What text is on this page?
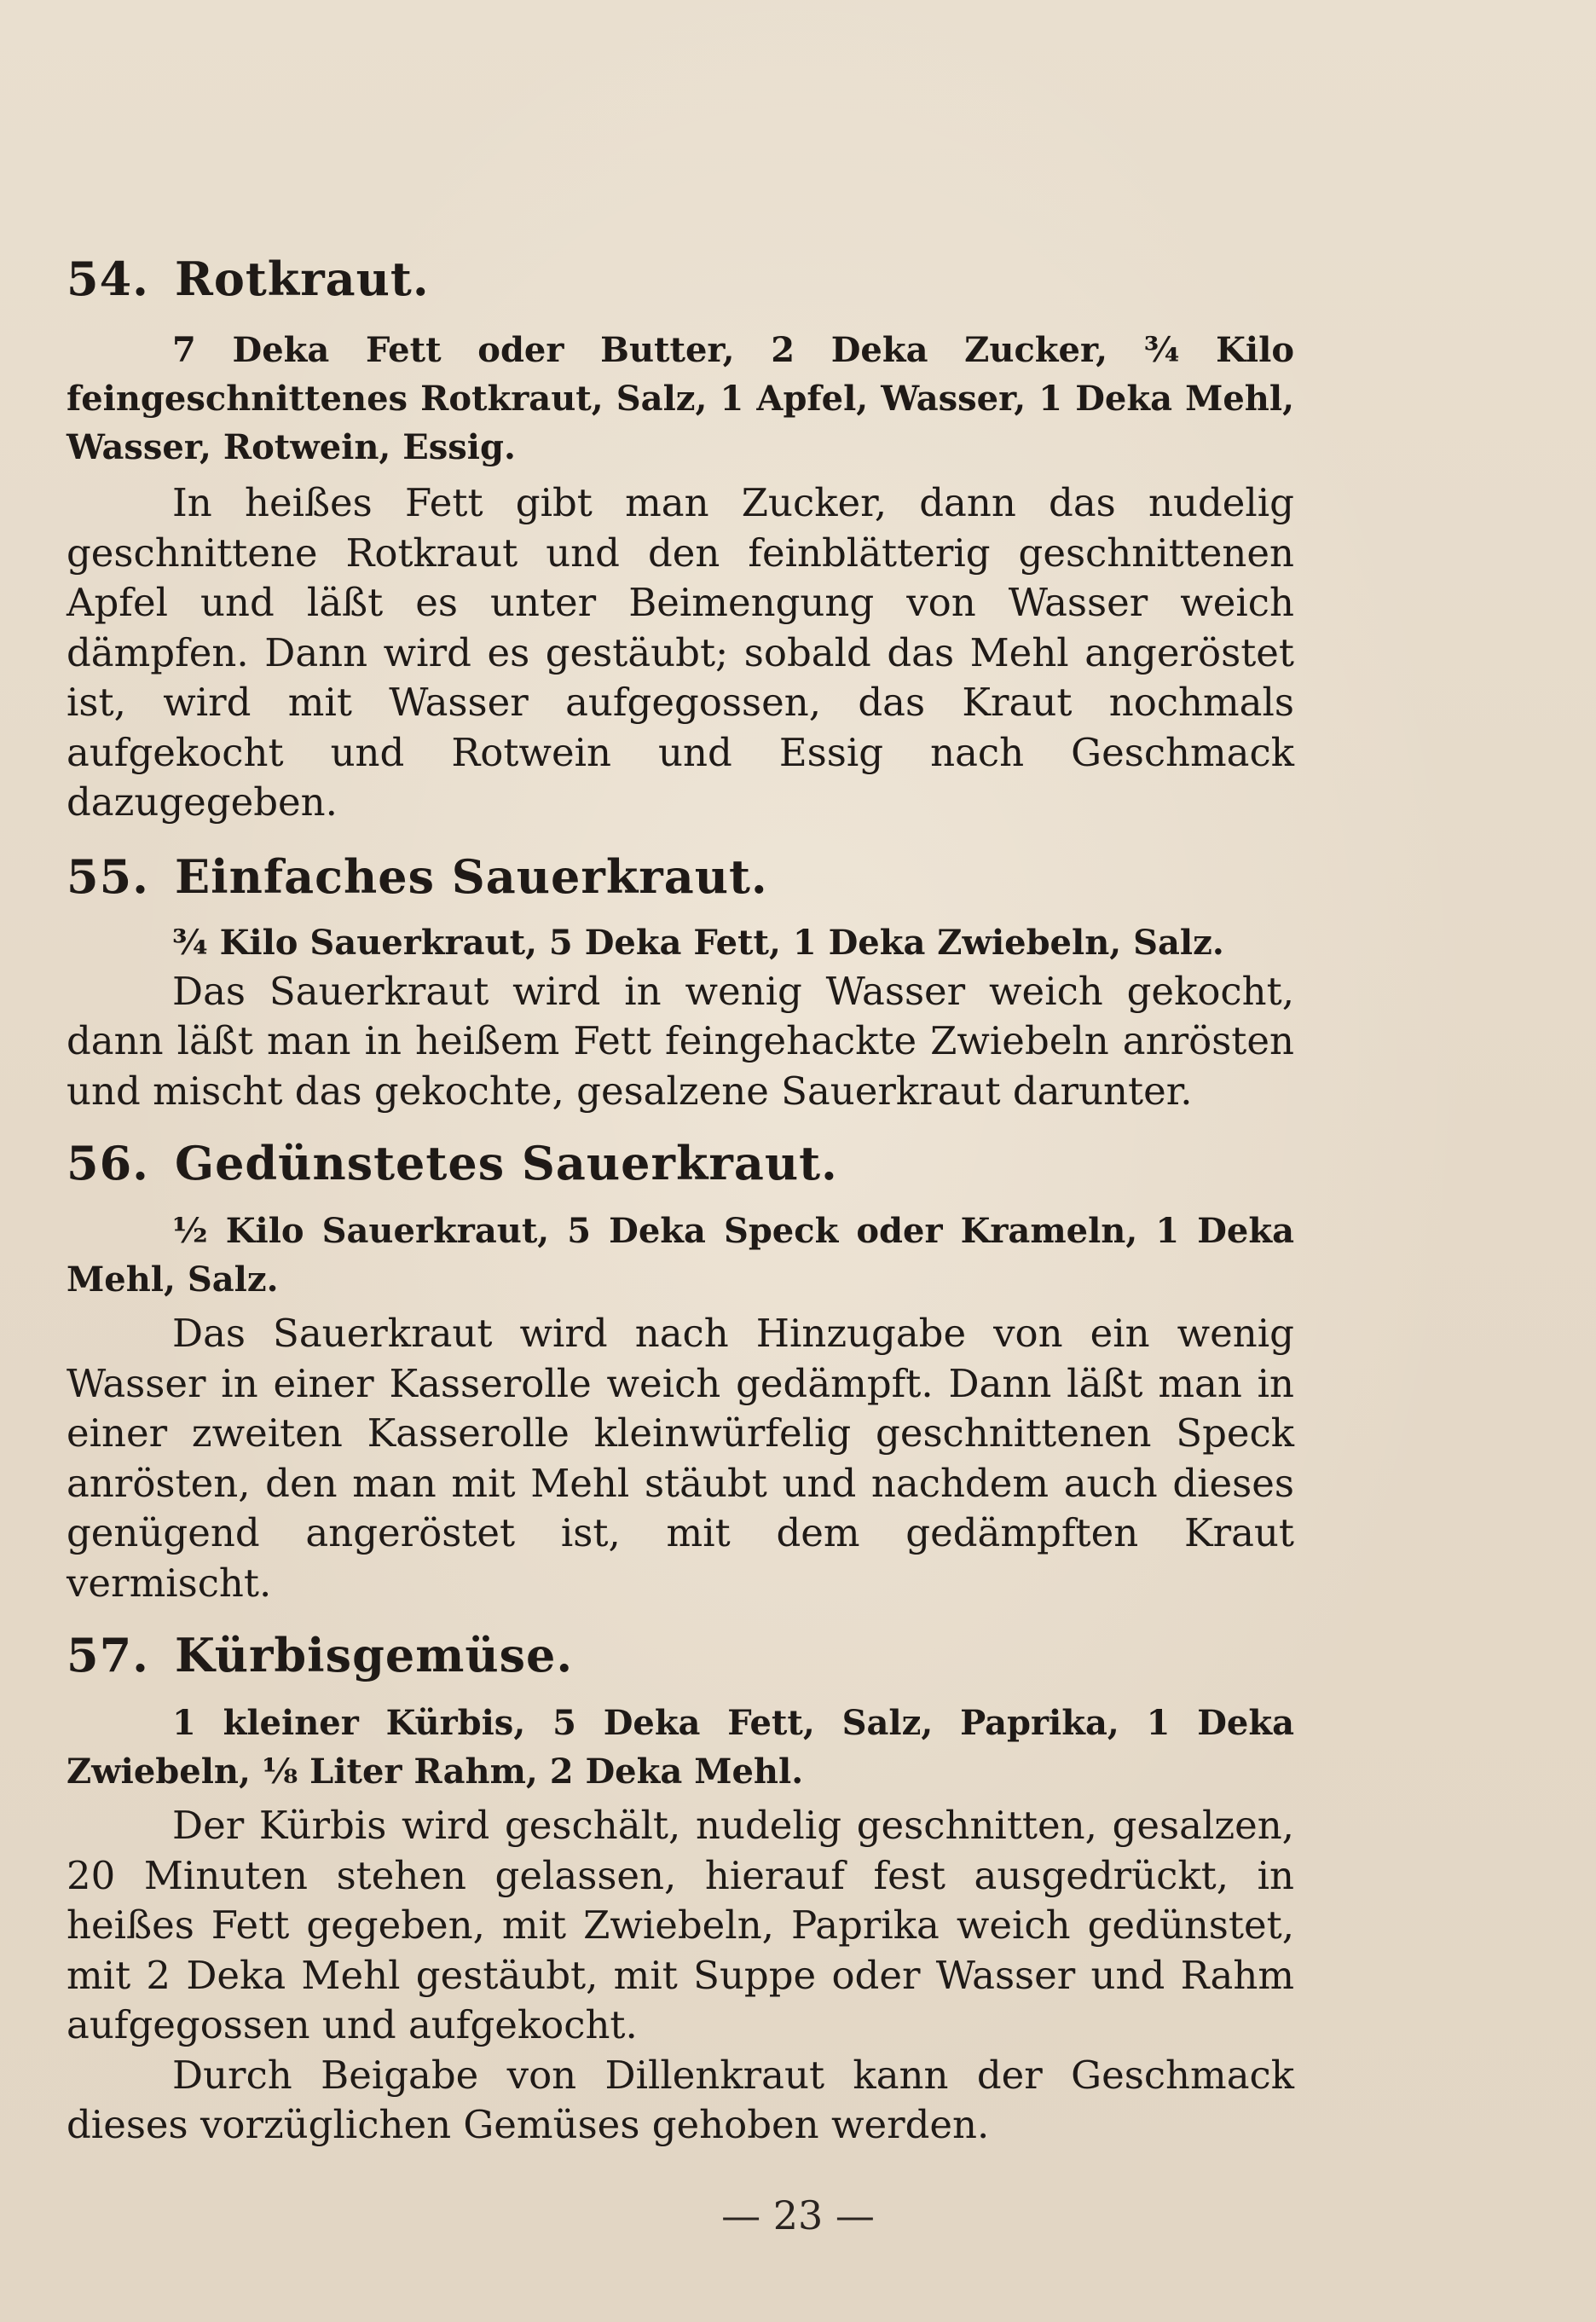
54. Rotkraut.

7 Deka Fett oder Butter, 2 Deka Zucker, ¾ Kilo feingeschnittenes Rotkraut, Salz, 1 Apfel, Wasser, 1 Deka Mehl, Wasser, Rotwein, Essig.

In heißes Fett gibt man Zucker, dann das nudelig geschnittene Rotkraut und den feinblätterig geschnittenen Apfel und läßt es unter Beimengung von Wasser weich dämpfen. Dann wird es gestäubt; sobald das Mehl angeröstet ist, wird mit Wasser aufgegossen, das Kraut nochmals aufgekocht und Rotwein und Essig nach Geschmack dazugegeben.

55. Einfaches Sauerkraut.

¾ Kilo Sauerkraut, 5 Deka Fett, 1 Deka Zwiebeln, Salz.

Das Sauerkraut wird in wenig Wasser weich gekocht, dann läßt man in heißem Fett feingehackte Zwiebeln anrösten und mischt das gekochte, gesalzene Sauerkraut darunter.

56. Gedünstetes Sauerkraut.

½ Kilo Sauerkraut, 5 Deka Speck oder Krameln, 1 Deka Mehl, Salz.

Das Sauerkraut wird nach Hinzugabe von ein wenig Wasser in einer Kasserolle weich gedämpft. Dann läßt man in einer zweiten Kasserolle kleinwürfelig geschnittenen Speck anrösten, den man mit Mehl stäubt und nachdem auch dieses genügend angeröstet ist, mit dem gedämpften Kraut vermischt.

57. Kürbisgemüse.

1 kleiner Kürbis, 5 Deka Fett, Salz, Paprika, 1 Deka Zwiebeln, ⅛ Liter Rahm, 2 Deka Mehl.

Der Kürbis wird geschält, nudelig geschnitten, gesalzen, 20 Minuten stehen gelassen, hierauf fest ausgedrückt, in heißes Fett gegeben, mit Zwiebeln, Paprika weich gedünstet, mit 2 Deka Mehl gestäubt, mit Suppe oder Wasser und Rahm aufgegossen und aufgekocht.

Durch Beigabe von Dillenkraut kann der Geschmack dieses vorzüglichen Gemüses gehoben werden.

— 23 —
